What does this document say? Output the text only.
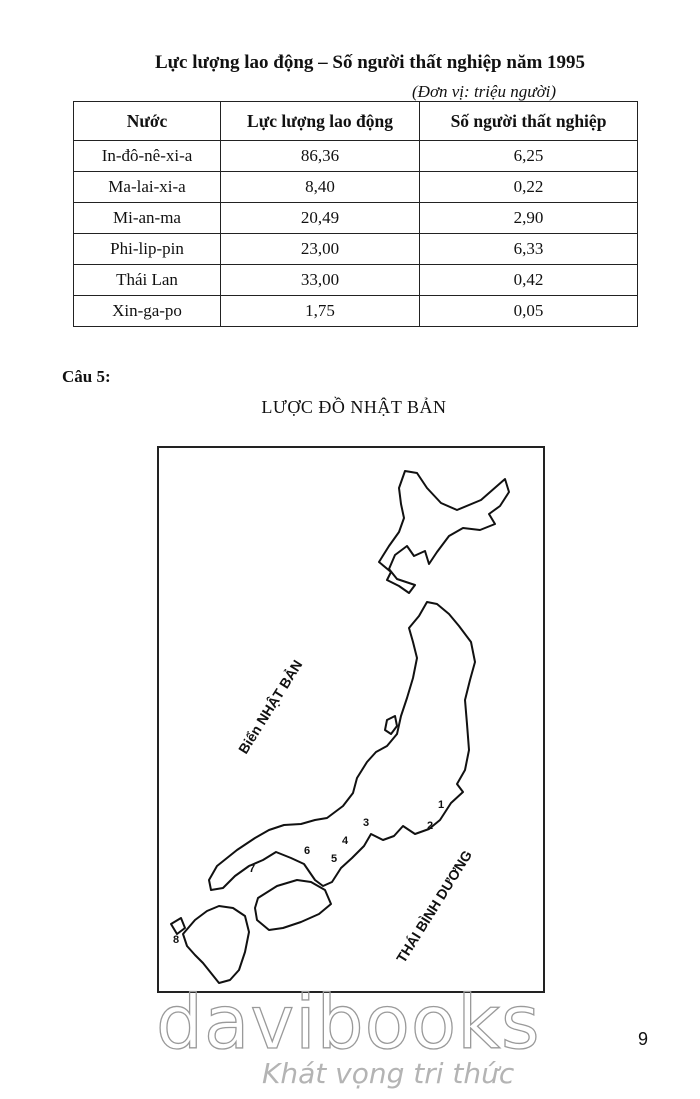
Lực lượng lao động – Số người thất nghiệp năm 1995
(Đơn vị: triệu người)
Nước	Lực lượng lao động	Số người thất nghiệp
In-đô-nê-xi-a	86,36	6,25
Ma-lai-xi-a	8,40	0,22
Mi-an-ma	20,49	2,90
Phi-lip-pin	23,00	6,33
Thái Lan	33,00	0,42
Xin-ga-po	1,75	0,05
Câu 5:
LƯỢC ĐỒ NHẬT BẢN
Biển NHẬT BẢN
THÁI BÌNH DƯƠNG
1
2
3
4
5
6
7
8
davibooks
Khát vọng tri thức
9
